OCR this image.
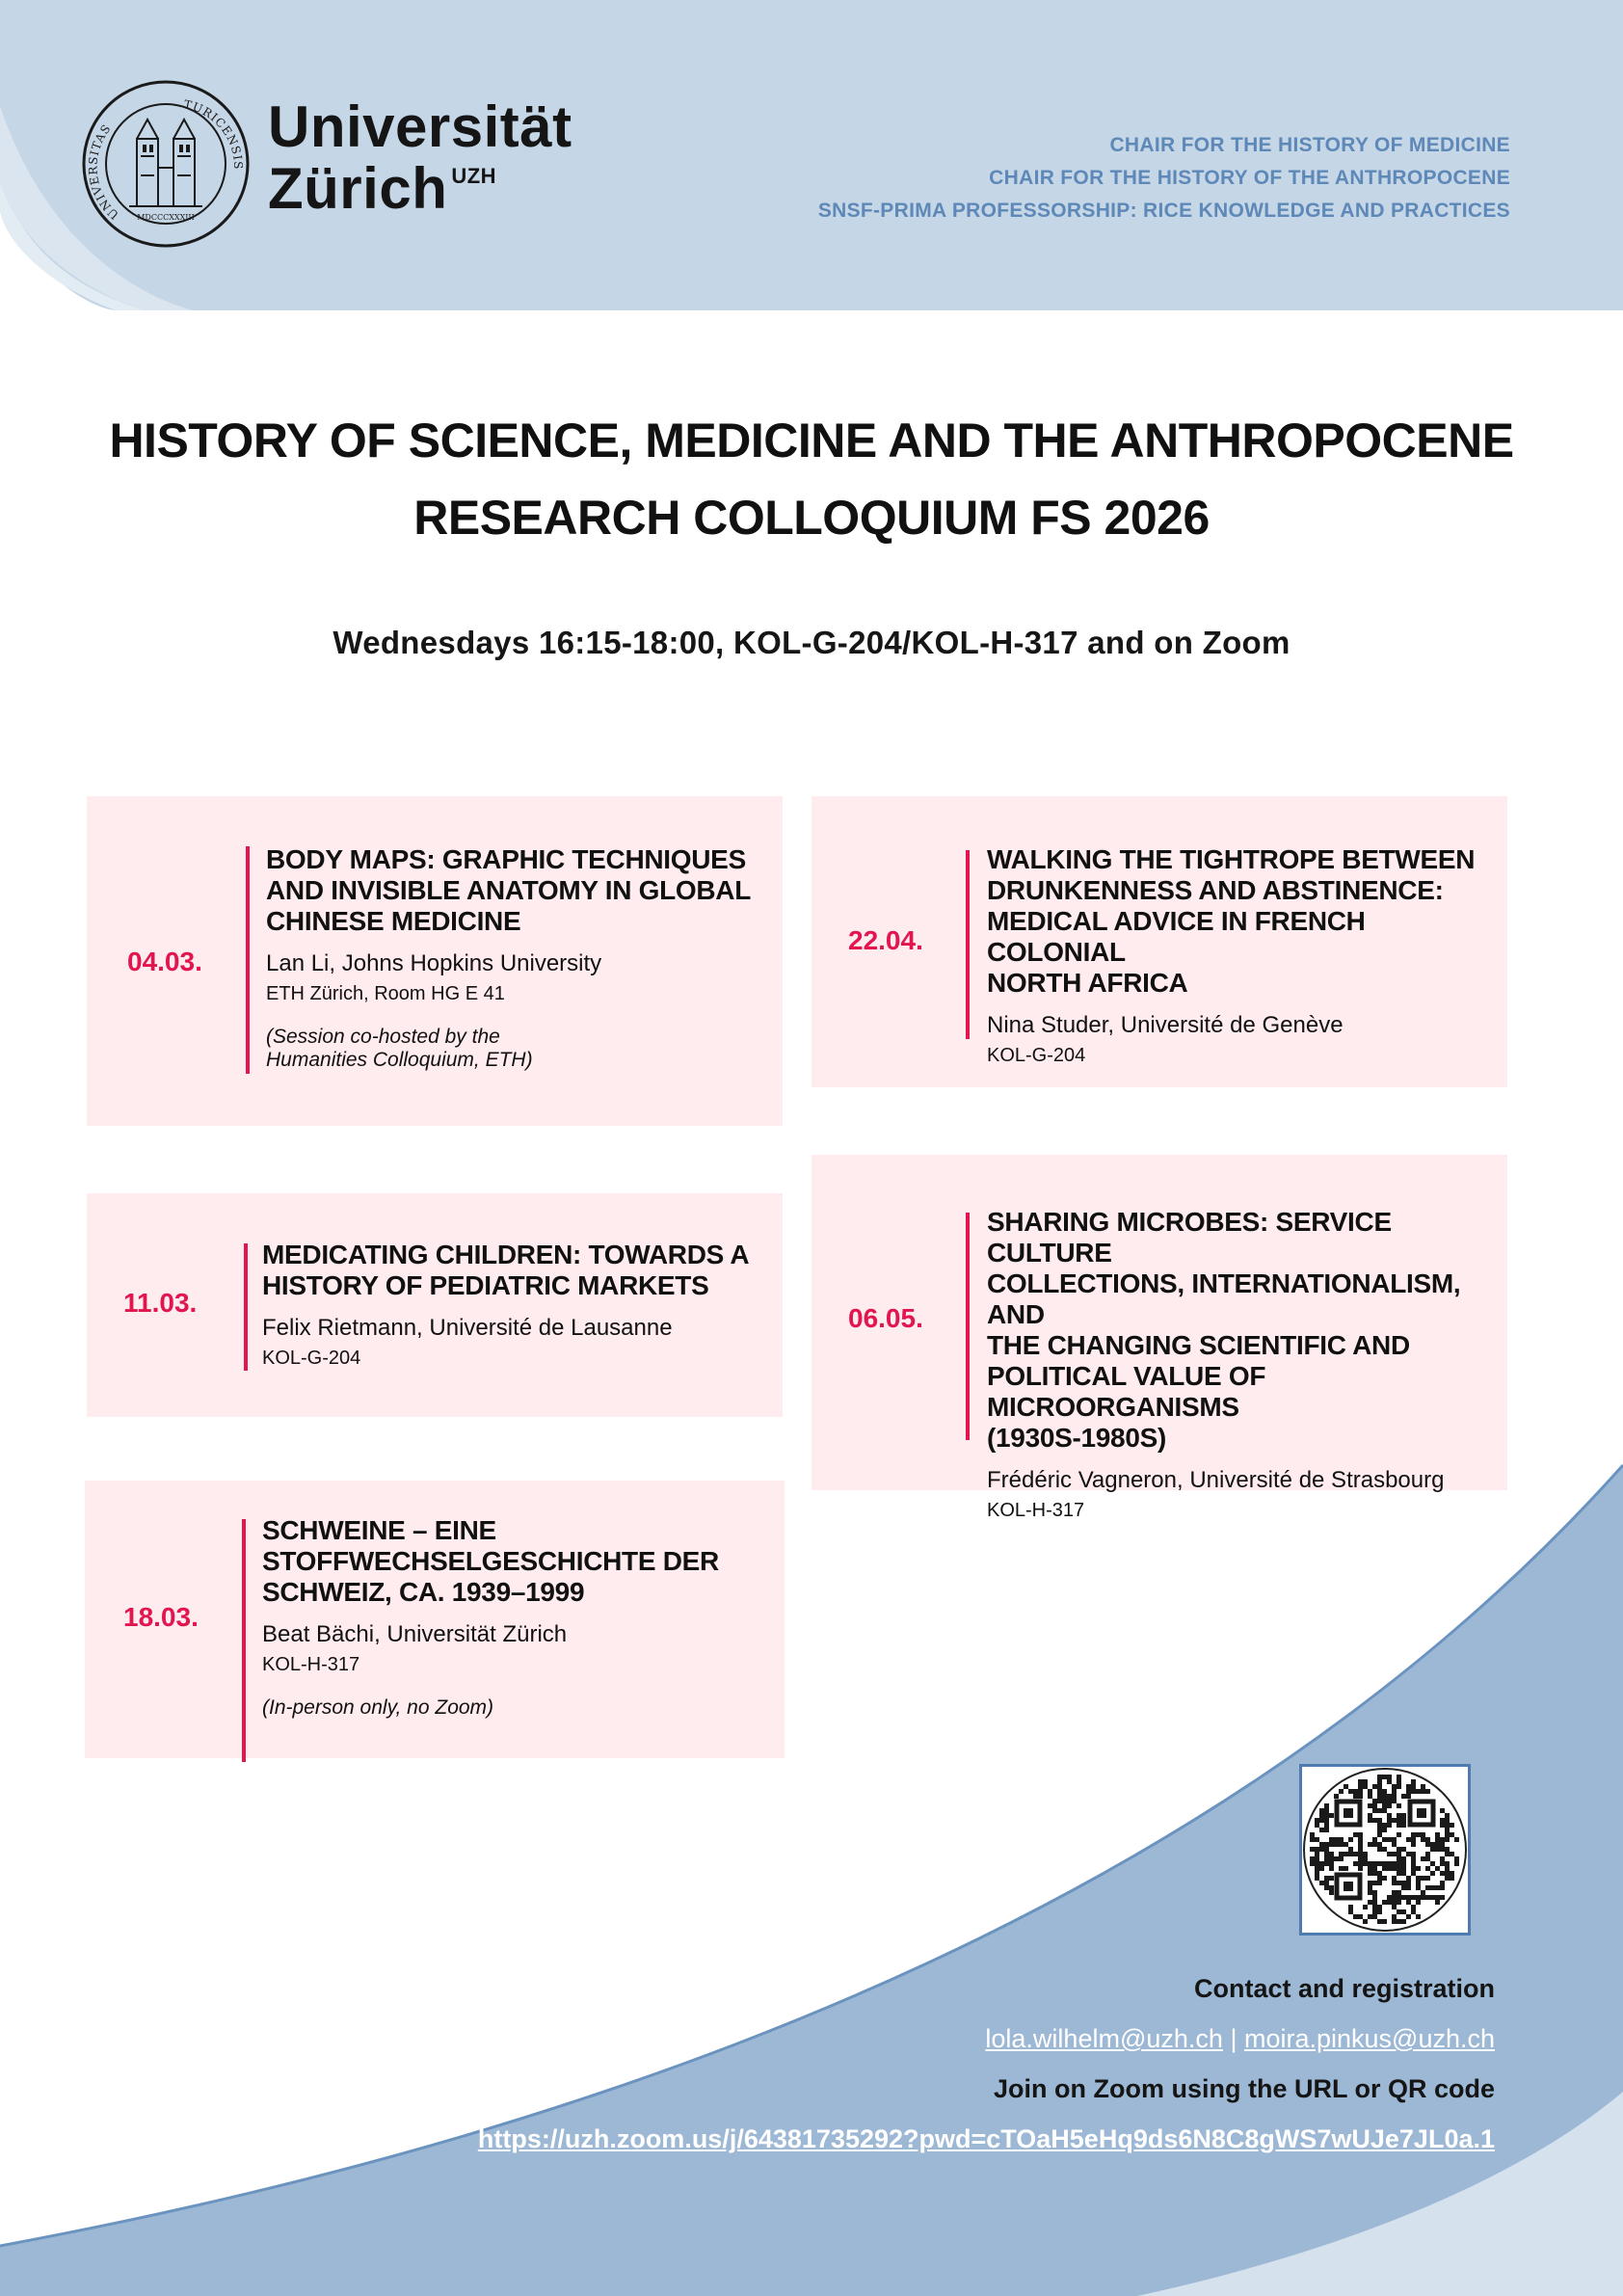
UNIVERSITAS
TURICENSIS
MDCCCXXXIII
Universität
Zürich $^{UZH}$
CHAIR FOR THE HISTORY OF MEDICINE
CHAIR FOR THE HISTORY OF THE ANTHROPOCENE
SNSF-PRIMA PROFESSORSHIP: RICE KNOWLEDGE AND PRACTICES
HISTORY OF SCIENCE, MEDICINE AND THE ANTHROPOCENE
RESEARCH COLLOQUIUM FS 2026
Wednesdays 16:15-18:00, KOL-G-204/KOL-H-317 and on Zoom
04.03.
BODY MAPS: GRAPHIC TECHNIQUES
AND INVISIBLE ANATOMY IN GLOBAL
CHINESE MEDICINE
Lan Li, Johns Hopkins University
ETH Zürich, Room HG E 41
(Session co-hosted by the
Humanities Colloquium, ETH)
11.03.
MEDICATING CHILDREN: TOWARDS A
HISTORY OF PEDIATRIC MARKETS
Felix Rietmann, Université de Lausanne
KOL-G-204
18.03.
SCHWEINE – EINE
STOFFWECHSELGESCHICHTE DER
SCHWEIZ, CA. 1939–1999
Beat Bächi, Universität Zürich
KOL-H-317
(In-person only, no Zoom)
22.04.
WALKING THE TIGHTROPE BETWEEN
DRUNKENNESS AND ABSTINENCE:
MEDICAL ADVICE IN FRENCH COLONIAL
NORTH AFRICA
Nina Studer, Université de Genève
KOL-G-204
06.05.
SHARING MICROBES: SERVICE CULTURE
COLLECTIONS, INTERNATIONALISM, AND
THE CHANGING SCIENTIFIC AND
POLITICAL VALUE OF MICROORGANISMS
(1930S-1980S)
Frédéric Vagneron, Université de Strasbourg
KOL-H-317
Contact and registration
lola.wilhelm@uzh.ch | moira.pinkus@uzh.ch
Join on Zoom using the URL or QR code
https://uzh.zoom.us/j/64381735292?pwd=cTOaH5eHq9ds6N8C8gWS7wUJe7JL0a.1
